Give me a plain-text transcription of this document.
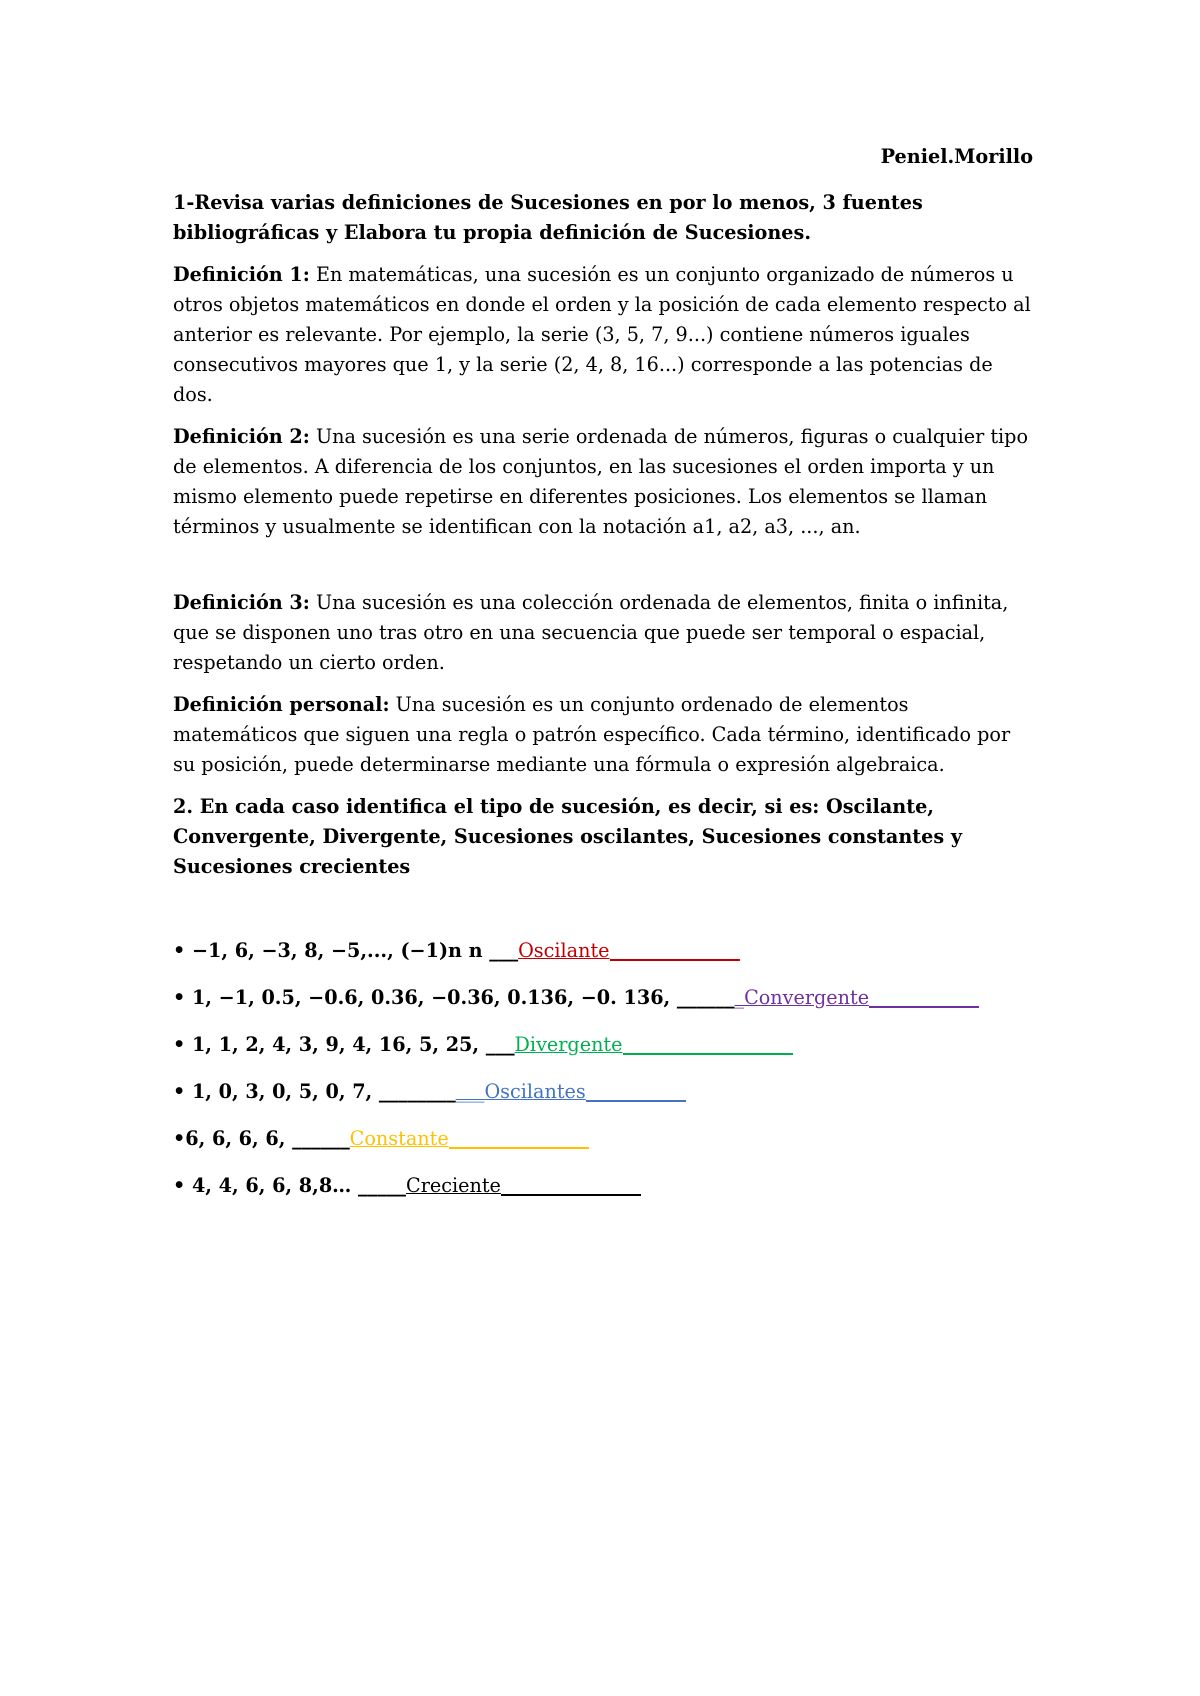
Peniel.Morillo

1-Revisa varias definiciones de Sucesiones en por lo menos, 3 fuentes bibliográficas y Elabora tu propia definición de Sucesiones.

Definición 1: En matemáticas, una sucesión es un conjunto organizado de números u otros objetos matemáticos en donde el orden y la posición de cada elemento respecto al anterior es relevante. Por ejemplo, la serie (3, 5, 7, 9...) contiene números iguales consecutivos mayores que 1, y la serie (2, 4, 8, 16...) corresponde a las potencias de dos.

Definición 2: Una sucesión es una serie ordenada de números, figuras o cualquier tipo de elementos. A diferencia de los conjuntos, en las sucesiones el orden importa y un mismo elemento puede repetirse en diferentes posiciones. Los elementos se llaman términos y usualmente se identifican con la notación a1, a2, a3, ..., an.

Definición 3: Una sucesión es una colección ordenada de elementos, finita o infinita, que se disponen uno tras otro en una secuencia que puede ser temporal o espacial, respetando un cierto orden.

Definición personal: Una sucesión es un conjunto ordenado de elementos matemáticos que siguen una regla o patrón específico. Cada término, identificado por su posición, puede determinarse mediante una fórmula o expresión algebraica.

2. En cada caso identifica el tipo de sucesión, es decir, si es: Oscilante, Convergente, Divergente, Sucesiones oscilantes, Sucesiones constantes y Sucesiones crecientes

• −1, 6, −3, 8, −5,..., (−1)n n ___Oscilante

• 1, −1, 0.5, −0.6, 0.36, −0.36, 0.136, −0. 136, _______Convergente

• 1, 1, 2, 4, 3, 9, 4, 16, 5, 25, ___Divergente

• 1, 0, 3, 0, 5, 0, 7, ___________Oscilantes

•6, 6, 6, 6, ______Constante

• 4, 4, 6, 6, 8,8… _____Creciente
